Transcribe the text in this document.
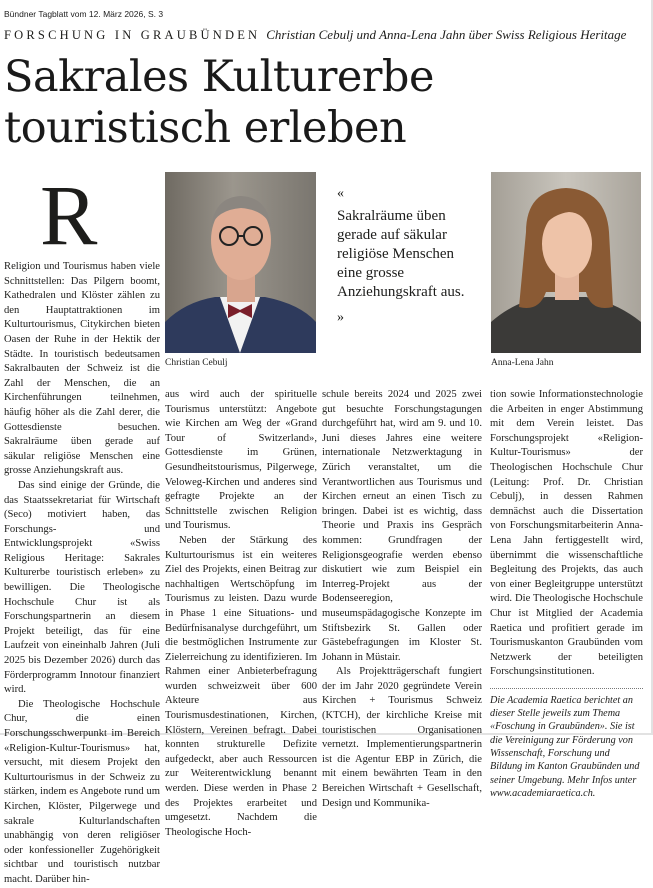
Bündner Tagblatt vom 12. März 2026, S. 3
FORSCHUNG IN GRAUBÜNDEN Christian Cebulj und Anna-Lena Jahn über Swiss Religious Heritage
Sakrales Kulturerbe
touristisch erleben
R
Christian Cebulj
«
Sakralräume üben gerade auf säkular religiöse Menschen eine grosse Anziehungskraft aus.
»
Anna-Lena Jahn

Religion und Tourismus haben viele Schnittstellen: Das Pilgern boomt, Kathedralen und Klöster zählen zu den Hauptattraktionen im Kulturtourismus, Citykirchen bieten Oasen der Ruhe in der Hektik der Städte. In touristisch bedeutsamen Sakralbauten der Schweiz ist die Zahl der Menschen, die an Kirchenführungen teilnehmen, häufig höher als die Zahl derer, die Gottesdienste besuchen. Sakralräume üben gerade auf säkular religiöse Menschen eine grosse Anziehungskraft aus.

Das sind einige der Gründe, die das Staatssekretariat für Wirtschaft (Seco) motiviert haben, das Forschungs- und Entwicklungsprojekt «Swiss Religious Heritage: Sakrales Kulturerbe touristisch erleben» zu bewilligen. Die Theologische Hochschule Chur ist als Forschungspartnerin an diesem Projekt beteiligt, das für eine Laufzeit von eineinhalb Jahren (Juli 2025 bis Dezember 2026) durch das Förderprogramm Innotour finanziert wird.

Die Theologische Hochschule Chur, die einen Forschungsschwerpunkt im Bereich «Religion-Kultur-Tourismus» hat, versucht, mit diesem Projekt den Kulturtourismus in der Schweiz zu stärken, indem es Angebote rund um Kirchen, Klöster, Pilgerwege und sakrale Kulturlandschaften unabhängig von deren religiöser oder konfessioneller Zugehörigkeit sichtbar und touristisch nutzbar macht. Darüber hin-

aus wird auch der spirituelle Tourismus unterstützt: Angebote wie Kirchen am Weg der «Grand Tour of Switzerland», Gottesdienste im Grünen, Gesundheitstourismus, Pilgerwege, Veloweg-Kirchen und anderes sind gefragte Projekte an der Schnittstelle zwischen Religion und Tourismus.

Neben der Stärkung des Kulturtourismus ist ein weiteres Ziel des Projekts, einen Beitrag zur nachhaltigen Wertschöpfung im Tourismus zu leisten. Dazu wurde in Phase 1 eine Situations- und Bedürfnisanalyse durchgeführt, um die bestmöglichen Instrumente zur Zielerreichung zu identifizieren. Im Rahmen einer Anbieterbefragung wurden schweizweit über 600 Akteure aus Tourismusdestinationen, Kirchen, Klöstern, Vereinen befragt. Dabei konnten strukturelle Defizite aufgedeckt, aber auch Ressourcen zur Weiterentwicklung benannt werden. Diese werden in Phase 2 des Projektes erarbeitet und umgesetzt. Nachdem die Theologische Hoch-

schule bereits 2024 und 2025 zwei gut besuchte Forschungstagungen durchgeführt hat, wird am 9. und 10. Juni dieses Jahres eine weitere internationale Netzwerktagung in Zürich veranstaltet, um die Verantwortlichen aus Tourismus und Kirchen erneut an einen Tisch zu bringen. Dabei ist es wichtig, dass Theorie und Praxis ins Gespräch kommen: Grundfragen der Religionsgeografie werden ebenso diskutiert wie zum Beispiel ein Interreg-Projekt aus der Bodenseeregion, museumspädagogische Konzepte im Stiftsbezirk St. Gallen oder Gästebefragungen im Kloster St. Johann in Müstair.

Als Projektträgerschaft fungiert der im Jahr 2020 gegründete Verein Kirchen + Tourismus Schweiz (KTCH), der kirchliche Kreise mit touristischen Organisationen vernetzt. Implementierungspartnerin ist die Agentur EBP in Zürich, die mit einem bewährten Team in den Bereichen Wirtschaft + Gesellschaft, Design und Kommunika-

tion sowie Informationstechnologie die Arbeiten in enger Abstimmung mit dem Verein leistet. Das Forschungsprojekt «Religion-Kultur-Tourismus» der Theologischen Hochschule Chur (Leitung: Prof. Dr. Christian Cebulj), in dessen Rahmen demnächst auch die Dissertation von Forschungsmitarbeiterin Anna-Lena Jahn fertiggestellt wird, übernimmt die wissenschaftliche Begleitung des Projekts, das auch von einer Begleitgruppe unterstützt wird. Die Theologische Hochschule Chur ist Mitglied der Academia Raetica und profitiert gerade im Tourismuskanton Graubünden vom Netzwerk der beteiligten Forschungsinstitutionen.

Die Academia Raetica berichtet an dieser Stelle jeweils zum Thema «Foschung in Graubünden». Sie ist die Vereinigung zur Förderung von Wissenschaft, Forschung und Bildung im Kanton Graubünden und seiner Umgebung. Mehr Infos unter www.academiaraetica.ch.
